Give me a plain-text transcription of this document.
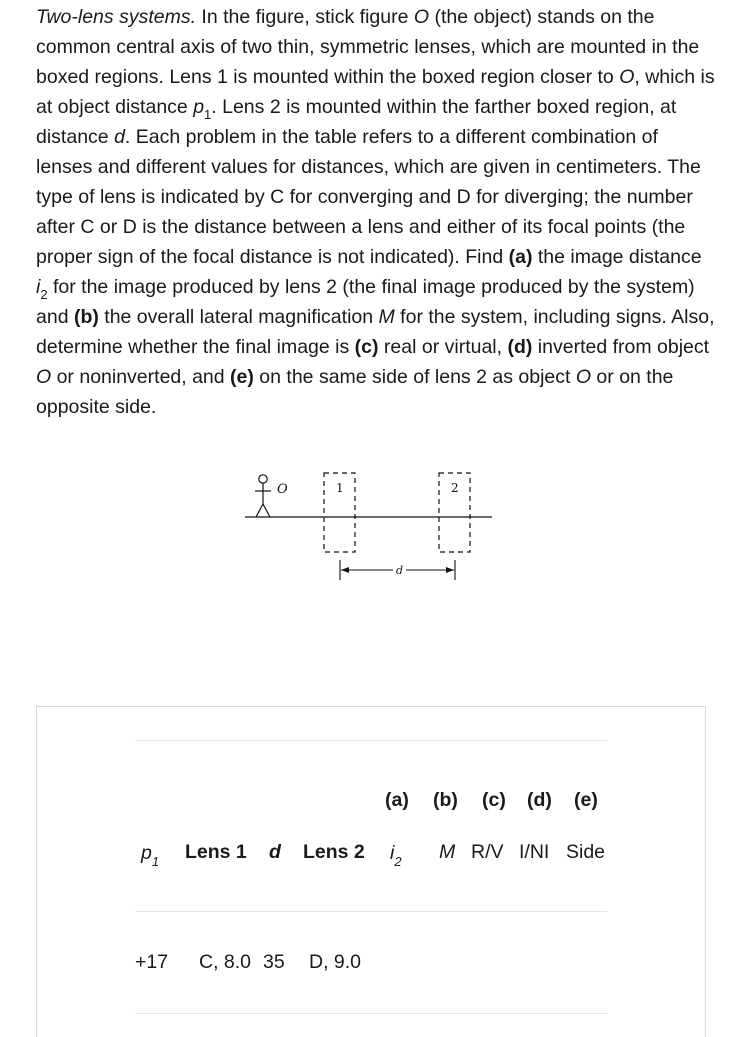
Two-lens systems. In the figure, stick figure O (the object) stands on the common central axis of two thin, symmetric lenses, which are mounted in the boxed regions. Lens 1 is mounted within the boxed region closer to O, which is at object distance $p_1$. Lens 2 is mounted within the farther boxed region, at distance d. Each problem in the table refers to a different combination of lenses and different values for distances, which are given in centimeters. The type of lens is indicated by C for converging and D for diverging; the number after C or D is the distance between a lens and either of its focal points (the proper sign of the focal distance is not indicated). Find (a) the image distance $i_2$ for the image produced by lens 2 (the final image produced by the system) and (b) the overall lateral magnification M for the system, including signs. Also, determine whether the final image is (c) real or virtual, (d) inverted from object O or noninverted, and (e) on the same side of lens 2 as object O or on the opposite side.

O	1	2
d
(a) (b) (c) (d) (e)
$p_1$ Lens 1 d Lens 2 $i_2$ M R/V I/NI Side
+17 C, 8.0 35 D, 9.0
